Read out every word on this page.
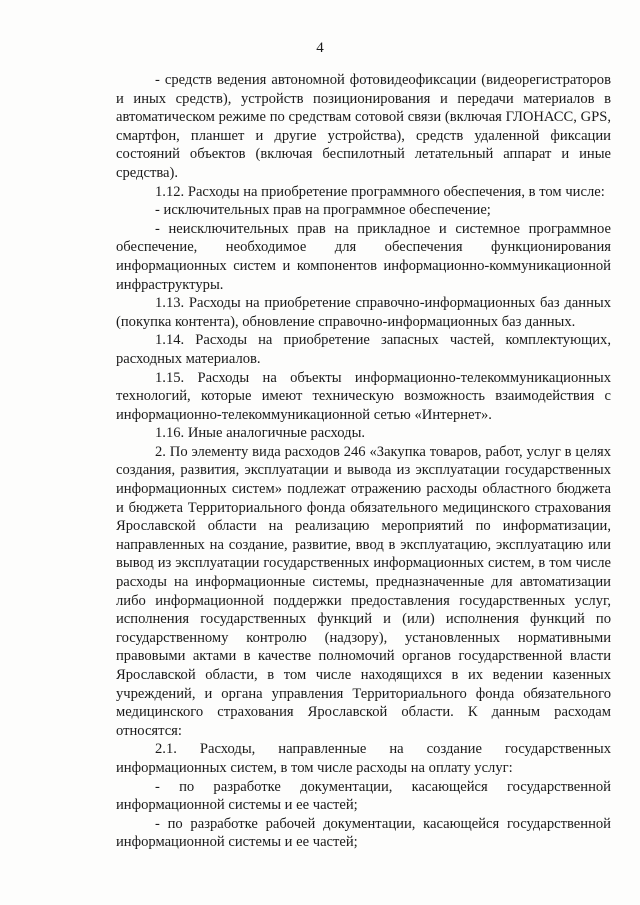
4

- средств ведения автономной фотовидеофиксации (видеорегистраторов и иных средств), устройств позиционирования и передачи материалов в автоматическом режиме по средствам сотовой связи (включая ГЛОНАСС, GPS, смартфон, планшет и другие устройства), средств удаленной фиксации состояний объектов (включая беспилотный летательный аппарат и иные средства).

1.12. Расходы на приобретение программного обеспечения, в том числе:

- исключительных прав на программное обеспечение;

- неисключительных прав на прикладное и системное программное обеспечение, необходимое для обеспечения функционирования информационных систем и компонентов информационно-коммуникационной инфраструктуры.

1.13. Расходы на приобретение справочно-информационных баз данных (покупка контента), обновление справочно-информационных баз данных.

1.14. Расходы на приобретение запасных частей, комплектующих, расходных материалов.

1.15. Расходы на объекты информационно-телекоммуникационных технологий, которые имеют техническую возможность взаимодействия с информационно-телекоммуникационной сетью «Интернет».

1.16. Иные аналогичные расходы.

2. По элементу вида расходов 246 «Закупка товаров, работ, услуг в целях создания, развития, эксплуатации и вывода из эксплуатации государственных информационных систем» подлежат отражению расходы областного бюджета и бюджета Территориального фонда обязательного медицинского страхования Ярославской области на реализацию мероприятий по информатизации, направленных на создание, развитие, ввод в эксплуатацию, эксплуатацию или вывод из эксплуатации государственных информационных систем, в том числе расходы на информационные системы, предназначенные для автоматизации либо информационной поддержки предоставления государственных услуг, исполнения государственных функций и (или) исполнения функций по государственному контролю (надзору), установленных нормативными правовыми актами в качестве полномочий органов государственной власти Ярославской области, в том числе находящихся в их ведении казенных учреждений, и органа управления Территориального фонда обязательного медицинского страхования Ярославской области. К данным расходам относятся:

2.1. Расходы, направленные на создание государственных информационных систем, в том числе расходы на оплату услуг:

- по разработке документации, касающейся государственной информационной системы и ее частей;

- по разработке рабочей документации, касающейся государственной информационной системы и ее частей;
